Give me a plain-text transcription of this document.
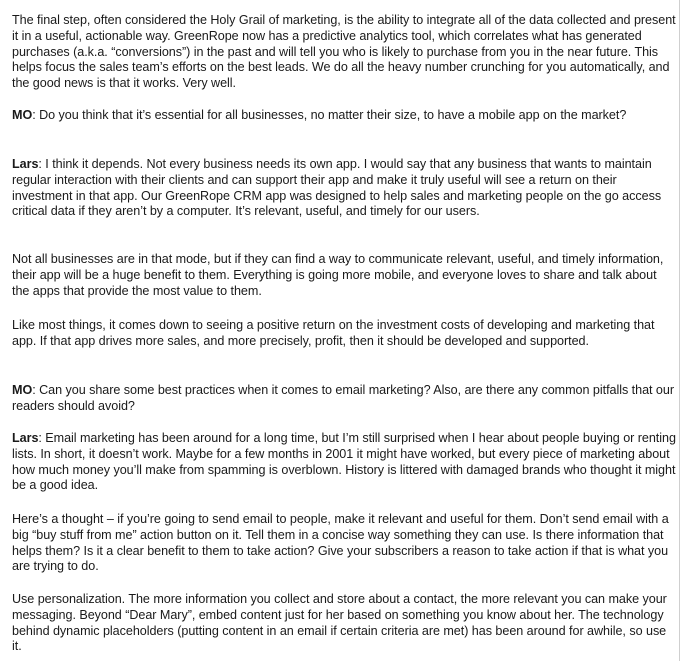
The final step, often considered the Holy Grail of marketing, is the ability to integrate all of the data collected and present it in a useful, actionable way. GreenRope now has a predictive analytics tool, which correlates what has generated purchases (a.k.a. “conversions”) in the past and will tell you who is likely to purchase from you in the near future. This helps focus the sales team’s efforts on the best leads. We do all the heavy number crunching for you automatically, and the good news is that it works. Very well.

MO: Do you think that it’s essential for all businesses, no matter their size, to have a mobile app on the market?

Lars: I think it depends. Not every business needs its own app. I would say that any business that wants to maintain regular interaction with their clients and can support their app and make it truly useful will see a return on their investment in that app. Our GreenRope CRM app was designed to help sales and marketing people on the go access critical data if they aren’t by a computer. It’s relevant, useful, and timely for our users.

Not all businesses are in that mode, but if they can find a way to communicate relevant, useful, and timely information, their app will be a huge benefit to them. Everything is going more mobile, and everyone loves to share and talk about the apps that provide the most value to them.

Like most things, it comes down to seeing a positive return on the investment costs of developing and marketing that app. If that app drives more sales, and more precisely, profit, then it should be developed and supported.

MO: Can you share some best practices when it comes to email marketing? Also, are there any common pitfalls that our readers should avoid?

Lars: Email marketing has been around for a long time, but I’m still surprised when I hear about people buying or renting lists. In short, it doesn’t work. Maybe for a few months in 2001 it might have worked, but every piece of marketing about how much money you’ll make from spamming is overblown. History is littered with damaged brands who thought it might be a good idea.

Here’s a thought – if you’re going to send email to people, make it relevant and useful for them. Don’t send email with a big “buy stuff from me” action button on it. Tell them in a concise way something they can use. Is there information that helps them? Is it a clear benefit to them to take action? Give your subscribers a reason to take action if that is what you are trying to do.

Use personalization. The more information you collect and store about a contact, the more relevant you can make your messaging. Beyond “Dear Mary”, embed content just for her based on something you know about her. The technology behind dynamic placeholders (putting content in an email if certain criteria are met) has been around for awhile, so use it.
